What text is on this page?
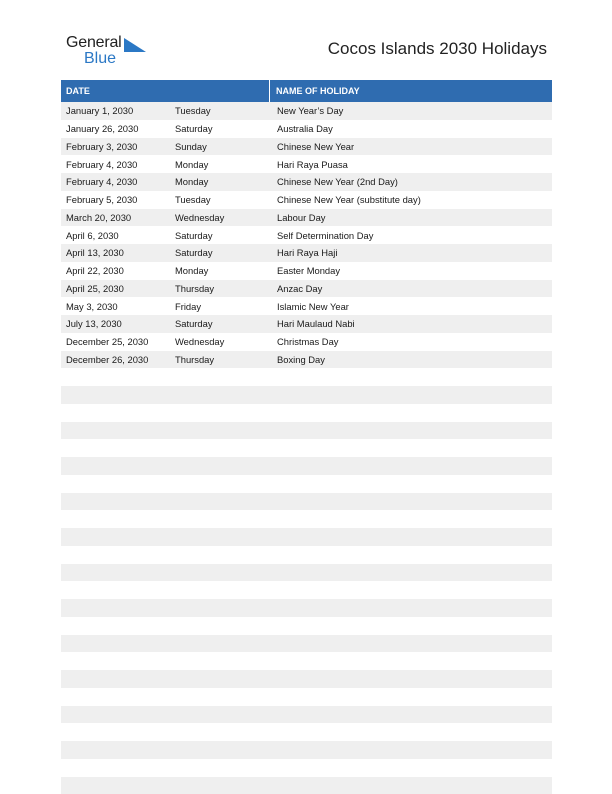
General
Blue
Cocos Islands 2030 Holidays
DATE	NAME OF HOLIDAY
January 1, 2030	Tuesday	New Year’s Day
January 26, 2030	Saturday	Australia Day
February 3, 2030	Sunday	Chinese New Year
February 4, 2030	Monday	Hari Raya Puasa
February 4, 2030	Monday	Chinese New Year (2nd Day)
February 5, 2030	Tuesday	Chinese New Year (substitute day)
March 20, 2030	Wednesday	Labour Day
April 6, 2030	Saturday	Self Determination Day
April 13, 2030	Saturday	Hari Raya Haji
April 22, 2030	Monday	Easter Monday
April 25, 2030	Thursday	Anzac Day
May 3, 2030	Friday	Islamic New Year
July 13, 2030	Saturday	Hari Maulaud Nabi
December 25, 2030	Wednesday	Christmas Day
December 26, 2030	Thursday	Boxing Day
